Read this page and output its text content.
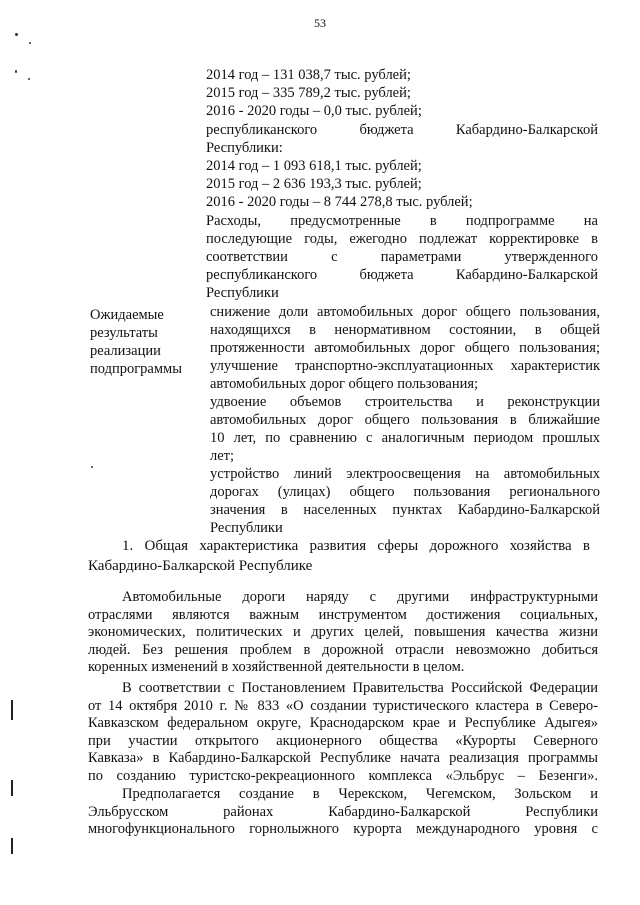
53
2014 год – 131 038,7 тыс. рублей;
2015 год – 335 789,2 тыс. рублей;
2016 - 2020 годы – 0,0 тыс. рублей;
республиканского бюджета Кабардино-Балкарской
Республики:
2014 год – 1 093 618,1 тыс. рублей;
2015 год – 2 636 193,3 тыс. рублей;
2016 - 2020 годы – 8 744 278,8 тыс. рублей;
Расходы, предусмотренные в подпрограмме на
последующие годы, ежегодно подлежат корректировке в
соответствии с параметрами утвержденного
республиканского бюджета Кабардино-Балкарской
Республики
Ожидаемые
результаты
реализации
подпрограммы
снижение доли автомобильных дорог общего пользования,
находящихся в ненормативном состоянии, в общей
протяженности автомобильных дорог общего пользования;
улучшение транспортно-эксплуатационных характеристик
автомобильных дорог общего пользования;
удвоение объемов строительства и реконструкции
автомобильных дорог общего пользования в ближайшие
10 лет, по сравнению с аналогичным периодом прошлых
лет;
устройство линий электроосвещения на автомобильных
дорогах (улицах) общего пользования регионального
значения в населенных пунктах Кабардино-Балкарской
Республики
1. Общая характеристика развития сферы дорожного хозяйства в
Кабардино-Балкарской Республике
Автомобильные дороги наряду с другими инфраструктурными
отраслями являются важным инструментом достижения социальных,
экономических, политических и других целей, повышения качества жизни
людей. Без решения проблем в дорожной отрасли невозможно добиться
коренных изменений в хозяйственной деятельности в целом.
В соответствии с Постановлением Правительства Российской Федерации
от 14 октября 2010 г. № 833 «О создании туристического кластера в Северо-
Кавказском федеральном округе, Краснодарском крае и Республике Адыгея»
при участии открытого акционерного общества «Курорты Северного
Кавказа» в Кабардино-Балкарской Республике начата реализация программы
по созданию туристско-рекреационного комплекса «Эльбрус – Безенги».
Предполагается создание в Черекском, Чегемском, Зольском и
Эльбрусском районах Кабардино-Балкарской Республики
многофункционального горнолыжного курорта международного уровня с
